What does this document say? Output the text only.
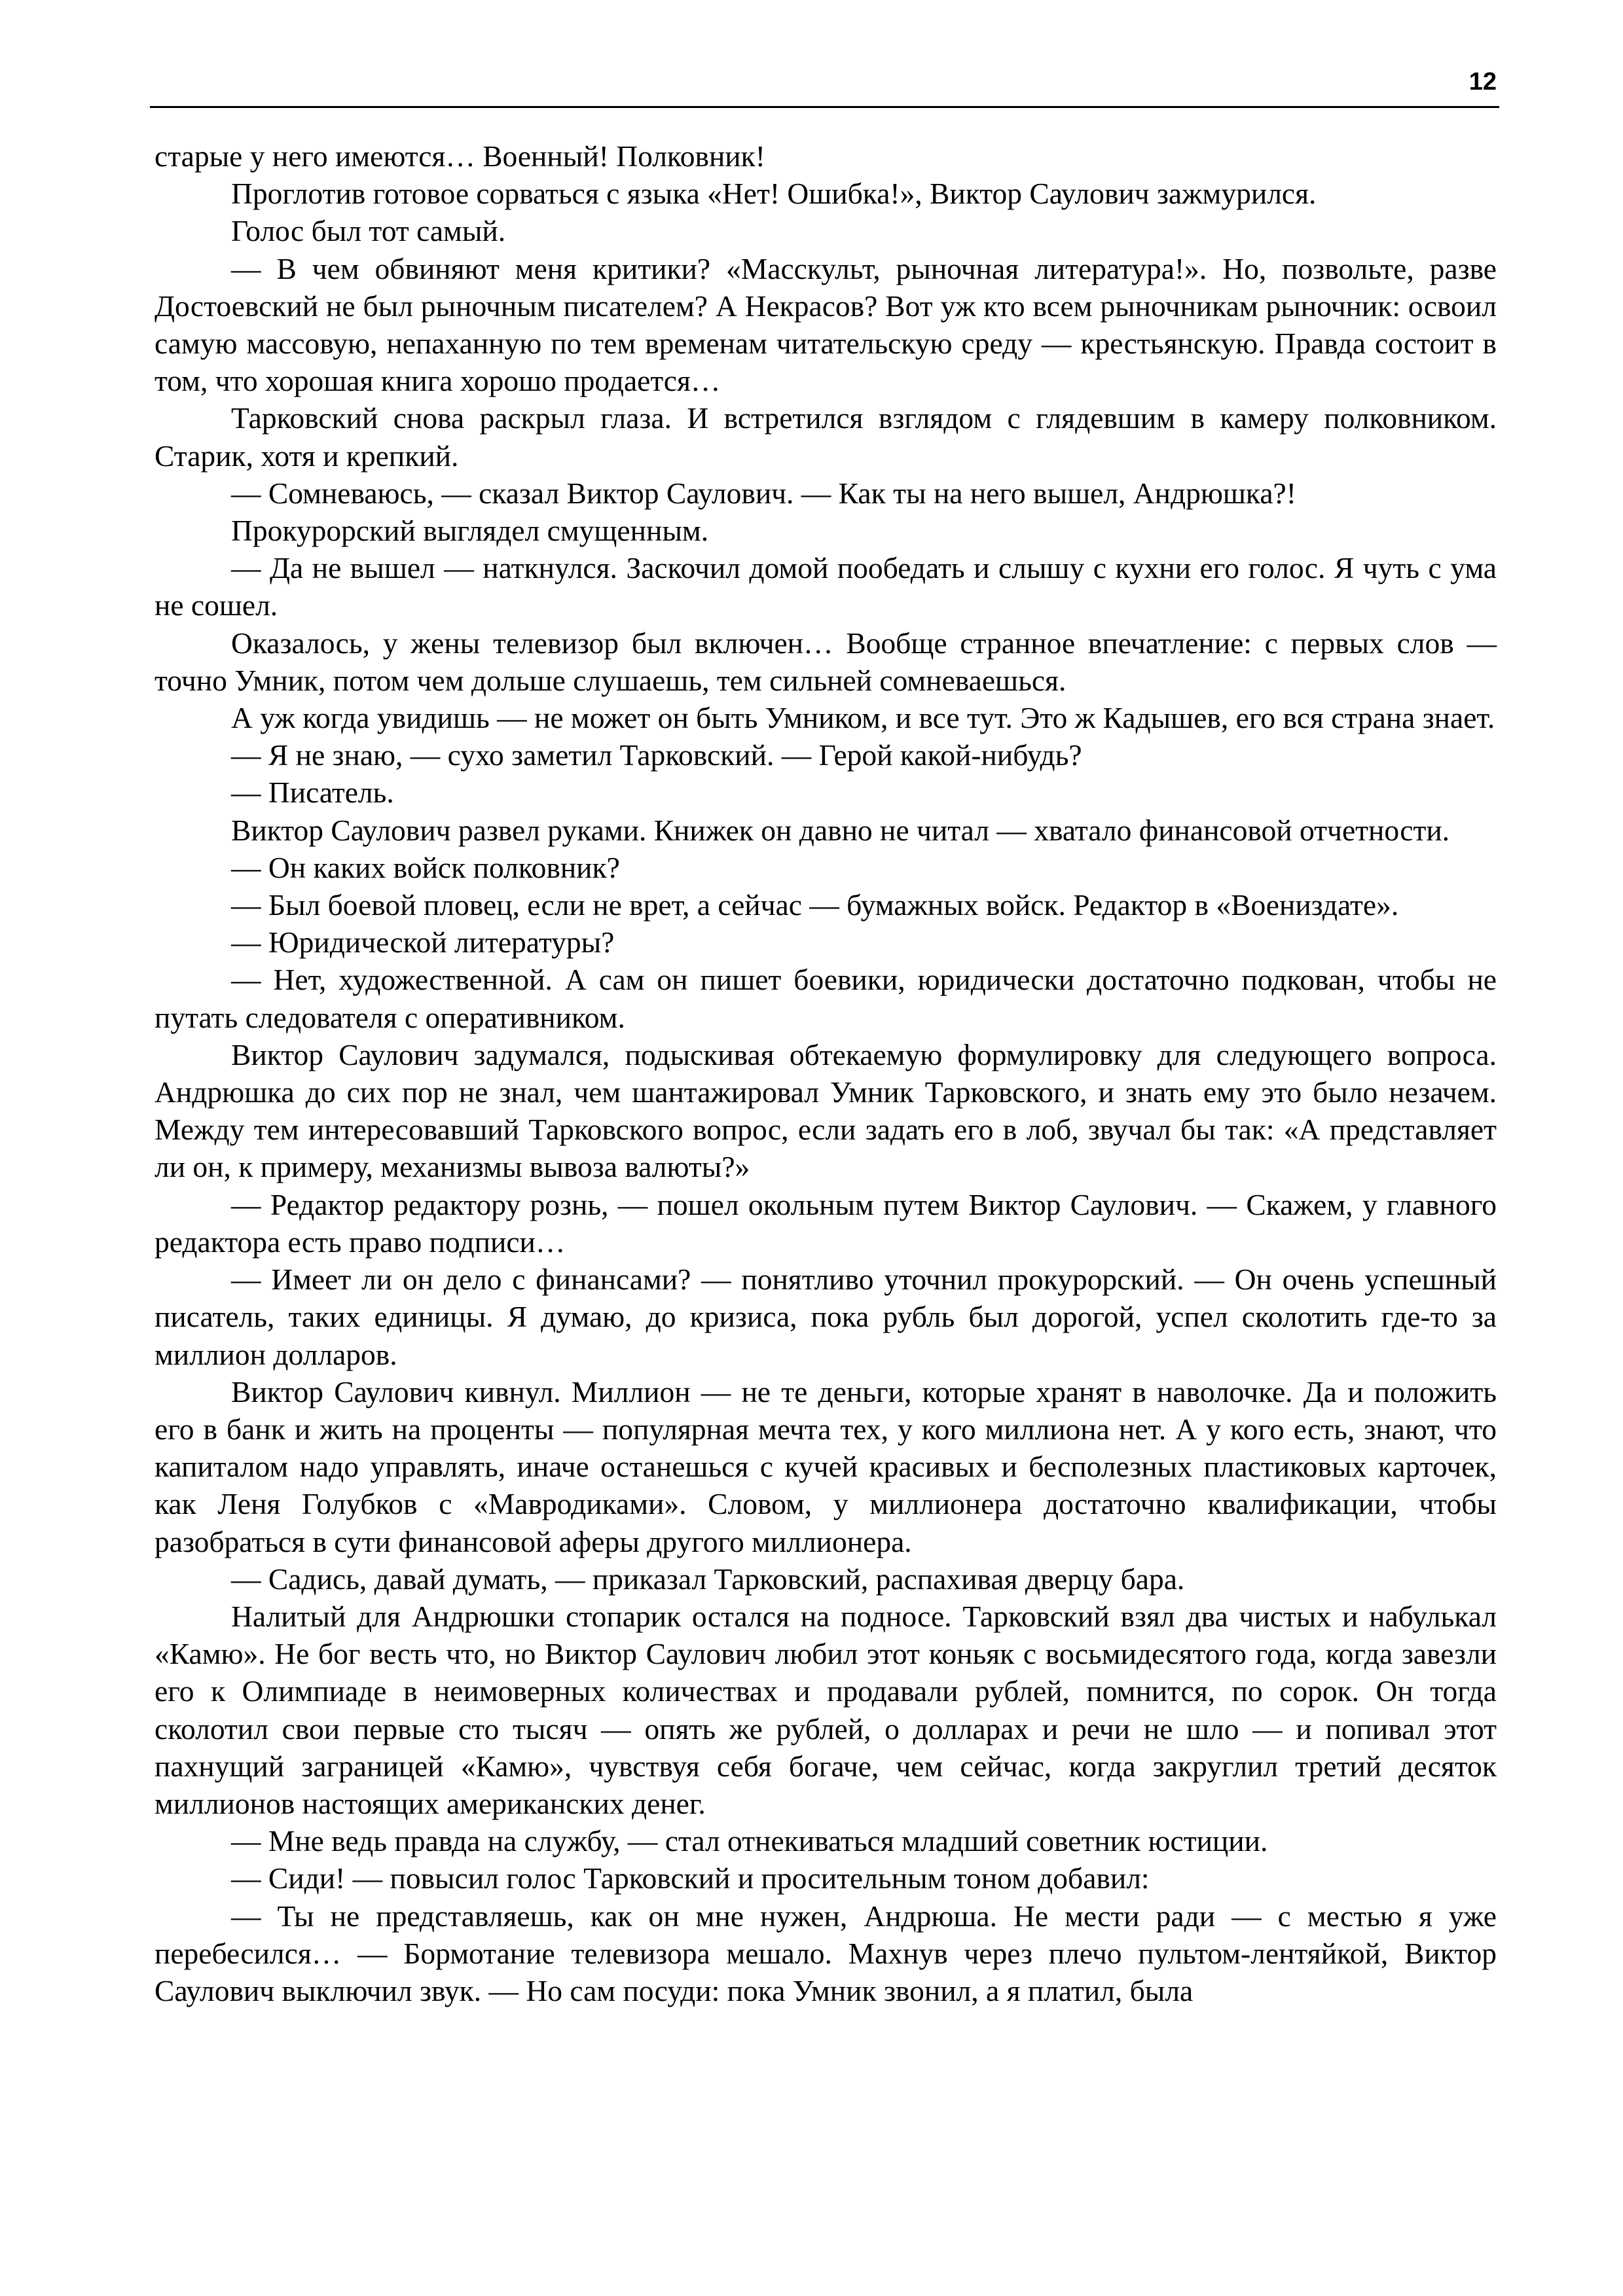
12

старые у него имеются… Военный! Полковник!

Проглотив готовое сорваться с языка «Нет! Ошибка!», Виктор Саулович зажмурился.

Голос был тот самый.

— В чем обвиняют меня критики? «Масскульт, рыночная литература!». Но, позвольте, разве Достоевский не был рыночным писателем? А Некрасов? Вот уж кто всем рыночникам рыночник: освоил самую массовую, непаханную по тем временам читательскую среду — крестьянскую. Правда состоит в том, что хорошая книга хорошо продается…

Тарковский снова раскрыл глаза. И встретился взглядом с глядевшим в камеру полковником. Старик, хотя и крепкий.

— Сомневаюсь, — сказал Виктор Саулович. — Как ты на него вышел, Андрюшка?!

Прокурорский выглядел смущенным.

— Да не вышел — наткнулся. Заскочил домой пообедать и слышу с кухни его голос. Я чуть с ума не сошел.

Оказалось, у жены телевизор был включен… Вообще странное впечатление: с первых слов — точно Умник, потом чем дольше слушаешь, тем сильней сомневаешься.

А уж когда увидишь — не может он быть Умником, и все тут. Это ж Кадышев, его вся страна знает.

— Я не знаю, — сухо заметил Тарковский. — Герой какой-нибудь?

— Писатель.

Виктор Саулович развел руками. Книжек он давно не читал — хватало финансовой отчетности.

— Он каких войск полковник?

— Был боевой пловец, если не врет, а сейчас — бумажных войск. Редактор в «Воениздате».

— Юридической литературы?

— Нет, художественной. А сам он пишет боевики, юридически достаточно подкован, чтобы не путать следователя с оперативником.

Виктор Саулович задумался, подыскивая обтекаемую формулировку для следующего вопроса. Андрюшка до сих пор не знал, чем шантажировал Умник Тарковского, и знать ему это было незачем. Между тем интересовавший Тарковского вопрос, если задать его в лоб, звучал бы так: «А представляет ли он, к примеру, механизмы вывоза валюты?»

— Редактор редактору рознь, — пошел окольным путем Виктор Саулович. — Скажем, у главного редактора есть право подписи…

— Имеет ли он дело с финансами? — понятливо уточнил прокурорский. — Он очень успешный писатель, таких единицы. Я думаю, до кризиса, пока рубль был дорогой, успел сколотить где-то за миллион долларов.

Виктор Саулович кивнул. Миллион — не те деньги, которые хранят в наволочке. Да и положить его в банк и жить на проценты — популярная мечта тех, у кого миллиона нет. А у кого есть, знают, что капиталом надо управлять, иначе останешься с кучей красивых и бесполезных пластиковых карточек, как Леня Голубков с «Мавродиками». Словом, у миллионера достаточно квалификации, чтобы разобраться в сути финансовой аферы другого миллионера.

— Садись, давай думать, — приказал Тарковский, распахивая дверцу бара.

Налитый для Андрюшки стопарик остался на подносе. Тарковский взял два чистых и набулькал «Камю». Не бог весть что, но Виктор Саулович любил этот коньяк с восьмидесятого года, когда завезли его к Олимпиаде в неимоверных количествах и продавали рублей, помнится, по сорок. Он тогда сколотил свои первые сто тысяч — опять же рублей, о долларах и речи не шло — и попивал этот пахнущий заграницей «Камю», чувствуя себя богаче, чем сейчас, когда закруглил третий десяток миллионов настоящих американских денег.

— Мне ведь правда на службу, — стал отнекиваться младший советник юстиции.

— Сиди! — повысил голос Тарковский и просительным тоном добавил:

— Ты не представляешь, как он мне нужен, Андрюша. Не мести ради — с местью я уже перебесился… — Бормотание телевизора мешало. Махнув через плечо пультом-лентяйкой, Виктор Саулович выключил звук. — Но сам посуди: пока Умник звонил, а я платил, была
